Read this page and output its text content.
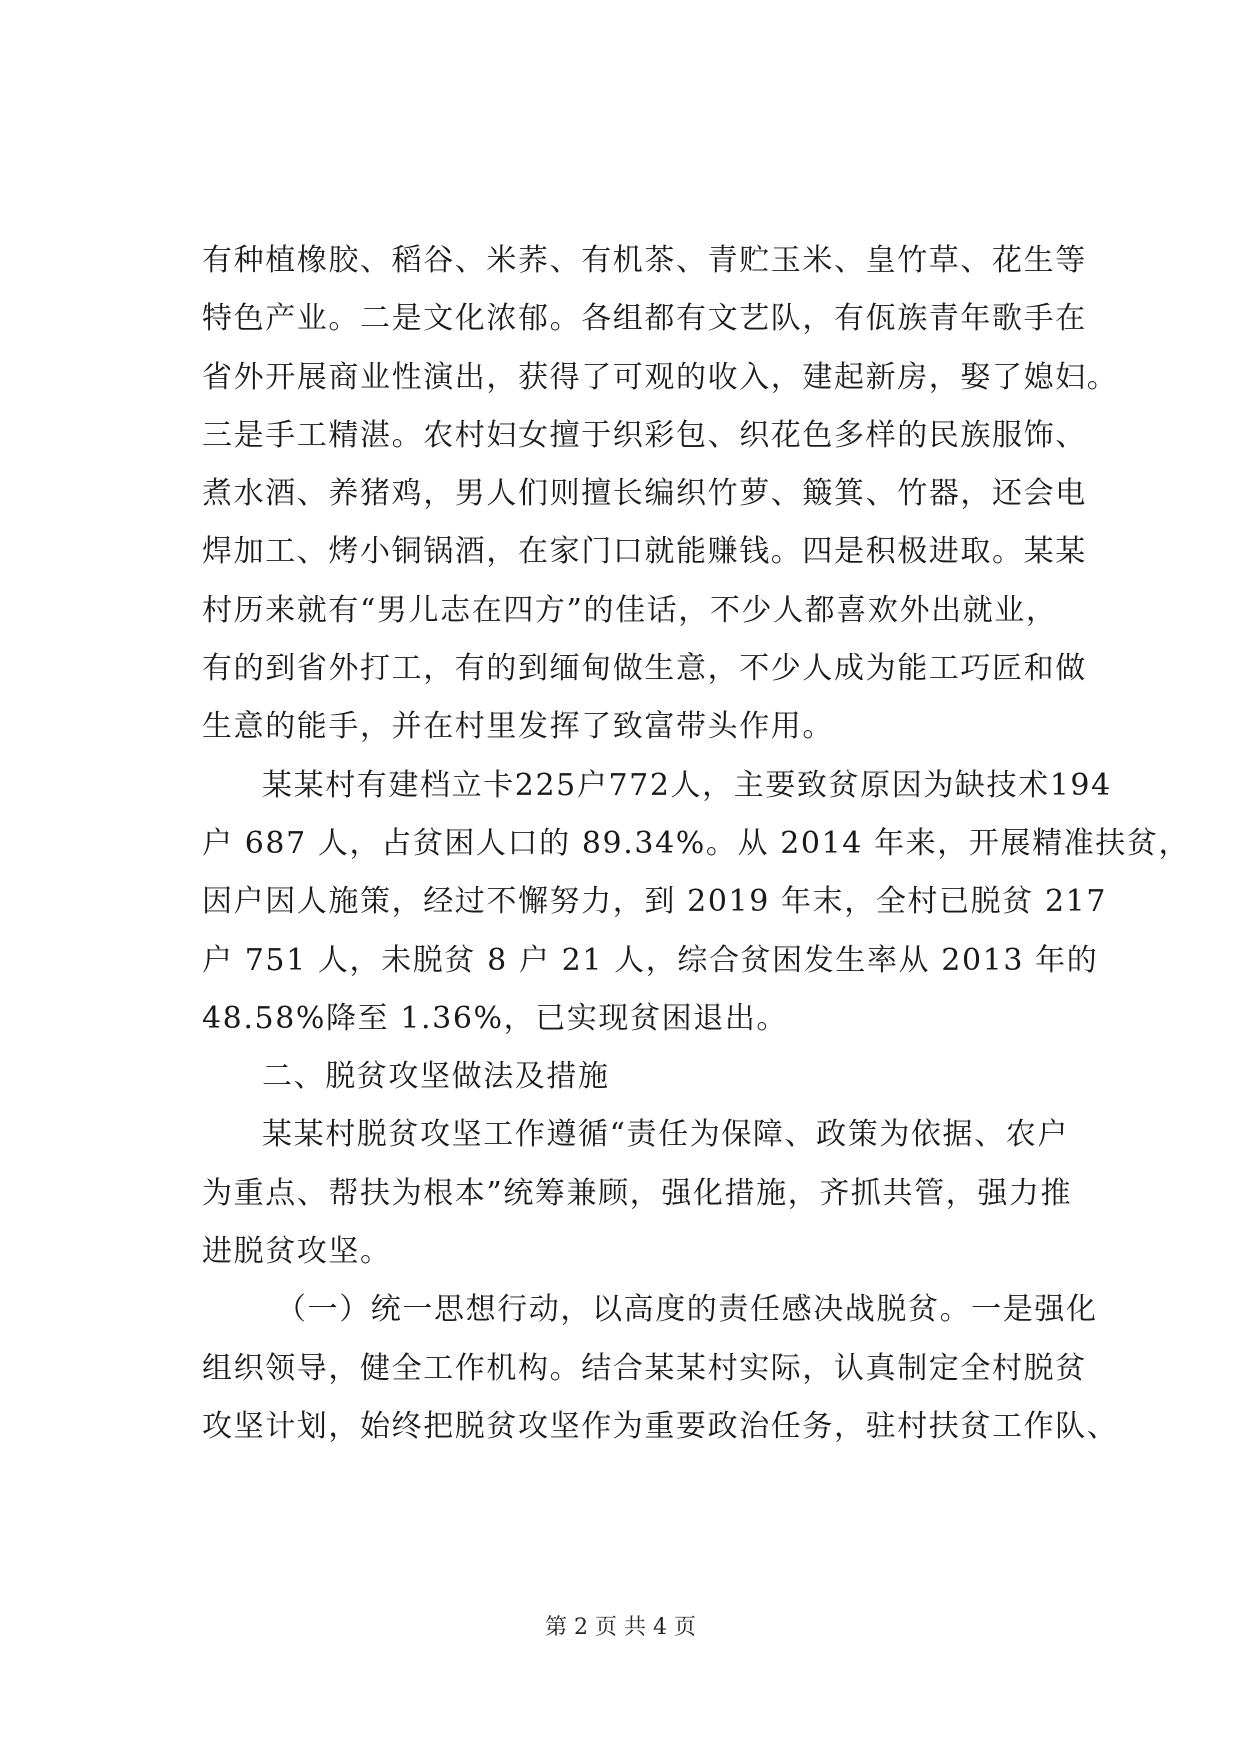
有种植橡胶、稻谷、米荞、有机茶、青贮玉米、皇竹草、花生等
特色产业。二是文化浓郁。各组都有文艺队，有佤族青年歌手在
省外开展商业性演出，获得了可观的收入，建起新房，娶了媳妇。
三是手工精湛。农村妇女擅于织彩包、织花色多样的民族服饰、
煮水酒、养猪鸡，男人们则擅长编织竹萝、簸箕、竹器，还会电
焊加工、烤小铜锅酒，在家门口就能赚钱。四是积极进取。某某
村历来就有“男儿志在四方”的佳话，不少人都喜欢外出就业，
有的到省外打工，有的到缅甸做生意，不少人成为能工巧匠和做
生意的能手，并在村里发挥了致富带头作用。
某某村有建档立卡225户772人，主要致贫原因为缺技术194
户 687 人，占贫困人口的 89.34%。从 2014 年来，开展精准扶贫，
因户因人施策，经过不懈努力，到 2019 年末，全村已脱贫 217
户 751 人，未脱贫 8 户 21 人，综合贫困发生率从 2013 年的
48.58%降至 1.36%，已实现贫困退出。
二、脱贫攻坚做法及措施
某某村脱贫攻坚工作遵循“责任为保障、政策为依据、农户
为重点、帮扶为根本”统筹兼顾，强化措施，齐抓共管，强力推
进脱贫攻坚。
（一）统一思想行动，以高度的责任感决战脱贫。一是强化
组织领导，健全工作机构。结合某某村实际，认真制定全村脱贫
攻坚计划，始终把脱贫攻坚作为重要政治任务，驻村扶贫工作队、
第 2 页 共 4 页
